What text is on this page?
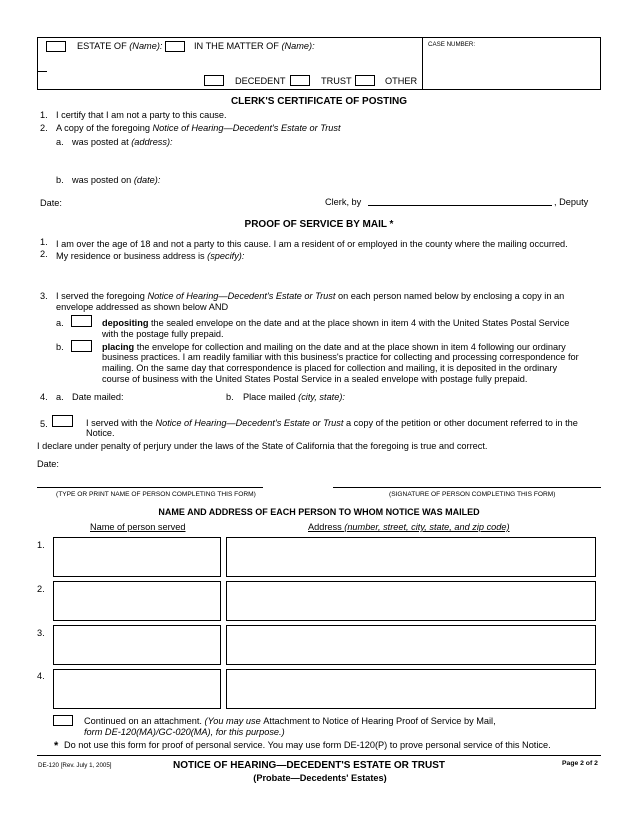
ESTATE OF (Name):	IN THE MATTER OF (Name):	CASE NUMBER:
DECEDENT	TRUST	OTHER
CLERK'S CERTIFICATE OF POSTING
1. I certify that I am not a party to this cause.
2. A copy of the foregoing Notice of Hearing—Decedent's Estate or Trust
a. was posted at (address):
b. was posted on (date):
Date:	Clerk, by	, Deputy
PROOF OF SERVICE BY MAIL *
1. I am over the age of 18 and not a party to this cause. I am a resident of or employed in the county where the mailing occurred.
2. My residence or business address is (specify):
3. I served the foregoing Notice of Hearing—Decedent's Estate or Trust on each person named below by enclosing a copy in an
envelope addressed as shown below AND
a.	depositing the sealed envelope on the date and at the place shown in item 4 with the United States Postal Service
with the postage fully prepaid.
b.	placing the envelope for collection and mailing on the date and at the place shown in item 4 following our ordinary
business practices. I am readily familiar with this business's practice for collecting and processing correspondence for
mailing. On the same day that correspondence is placed for collection and mailing, it is deposited in the ordinary
course of business with the United States Postal Service in a sealed envelope with postage fully prepaid.
4. a. Date mailed:	b. Place mailed (city, state):
5.	I served with the Notice of Hearing—Decedent's Estate or Trust a copy of the petition or other document referred to in the
Notice.
I declare under penalty of perjury under the laws of the State of California that the foregoing is true and correct.
Date:
(TYPE OR PRINT NAME OF PERSON COMPLETING THIS FORM)	(SIGNATURE OF PERSON COMPLETING THIS FORM)
NAME AND ADDRESS OF EACH PERSON TO WHOM NOTICE WAS MAILED
Name of person served	Address (number, street, city, state, and zip code)
1.
2.
3.
4.
Continued on an attachment. (You may use Attachment to Notice of Hearing Proof of Service by Mail,
form DE-120(MA)/GC-020(MA), for this purpose.)
* Do not use this form for proof of personal service. You may use form DE-120(P) to prove personal service of this Notice.
DE-120 [Rev. July 1, 2005]	NOTICE OF HEARING—DECEDENT'S ESTATE OR TRUST
(Probate—Decedents' Estates)
Page 2 of 2
